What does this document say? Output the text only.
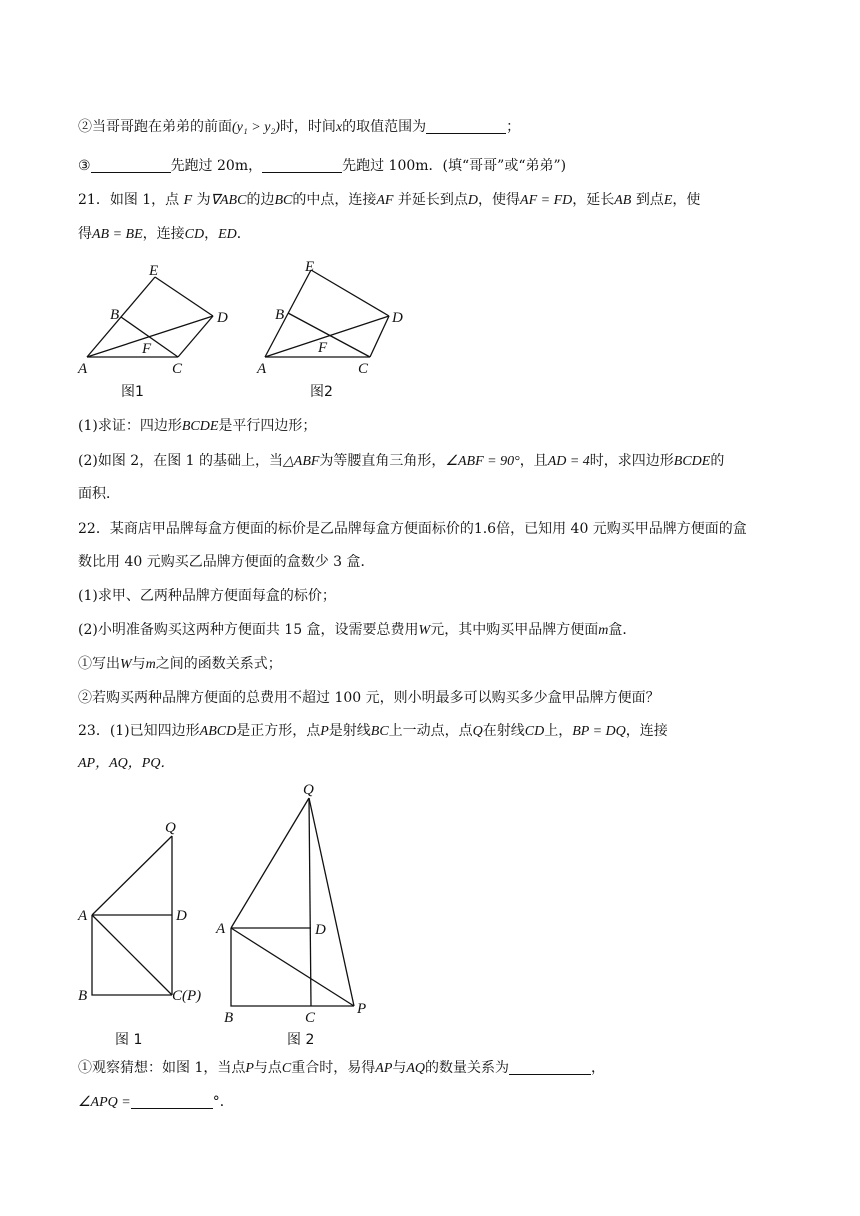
②当哥哥跑在弟弟的前面(y₁ > y₂)时，时间x的取值范围为	；
③	先跑过 20m，	先跑过 100m．(填“哥哥”或“弟弟”)
21．如图 1，点 F 为∇ABC的边BC的中点，连接AF 并延长到点D，使得AF = FD，延长AB 到点E，使
得AB = BE，连接CD，ED．
E
B	D
F
A	C
图1
E
B	D
F
A	C
图2
Q
A	D
B	C(P)
图 1
Q
A	D
B	C
P
图 2
(1)求证：四边形BCDE是平行四边形；
(2)如图 2，在图 1 的基础上，当△ABF为等腰直角三角形，∠ABF = 90°，且AD = 4时，求四边形BCDE的
面积．
22．某商店甲品牌每盒方便面的标价是乙品牌每盒方便面标价的1.6倍，已知用 40 元购买甲品牌方便面的盒
数比用 40 元购买乙品牌方便面的盒数少 3 盒．
(1)求甲、乙两种品牌方便面每盒的标价；
(2)小明准备购买这两种方便面共 15 盒，设需要总费用W元，其中购买甲品牌方便面m盒．
①写出W与m之间的函数关系式；
②若购买两种品牌方便面的总费用不超过 100 元，则小明最多可以购买多少盒甲品牌方便面？
23．(1)已知四边形ABCD是正方形，点P是射线BC上一动点，点Q在射线CD上，BP = DQ，连接
AP，AQ，PQ．
①观察猜想：如图 1，当点P与点C重合时，易得AP与AQ的数量关系为	，
∠APQ =	°．
